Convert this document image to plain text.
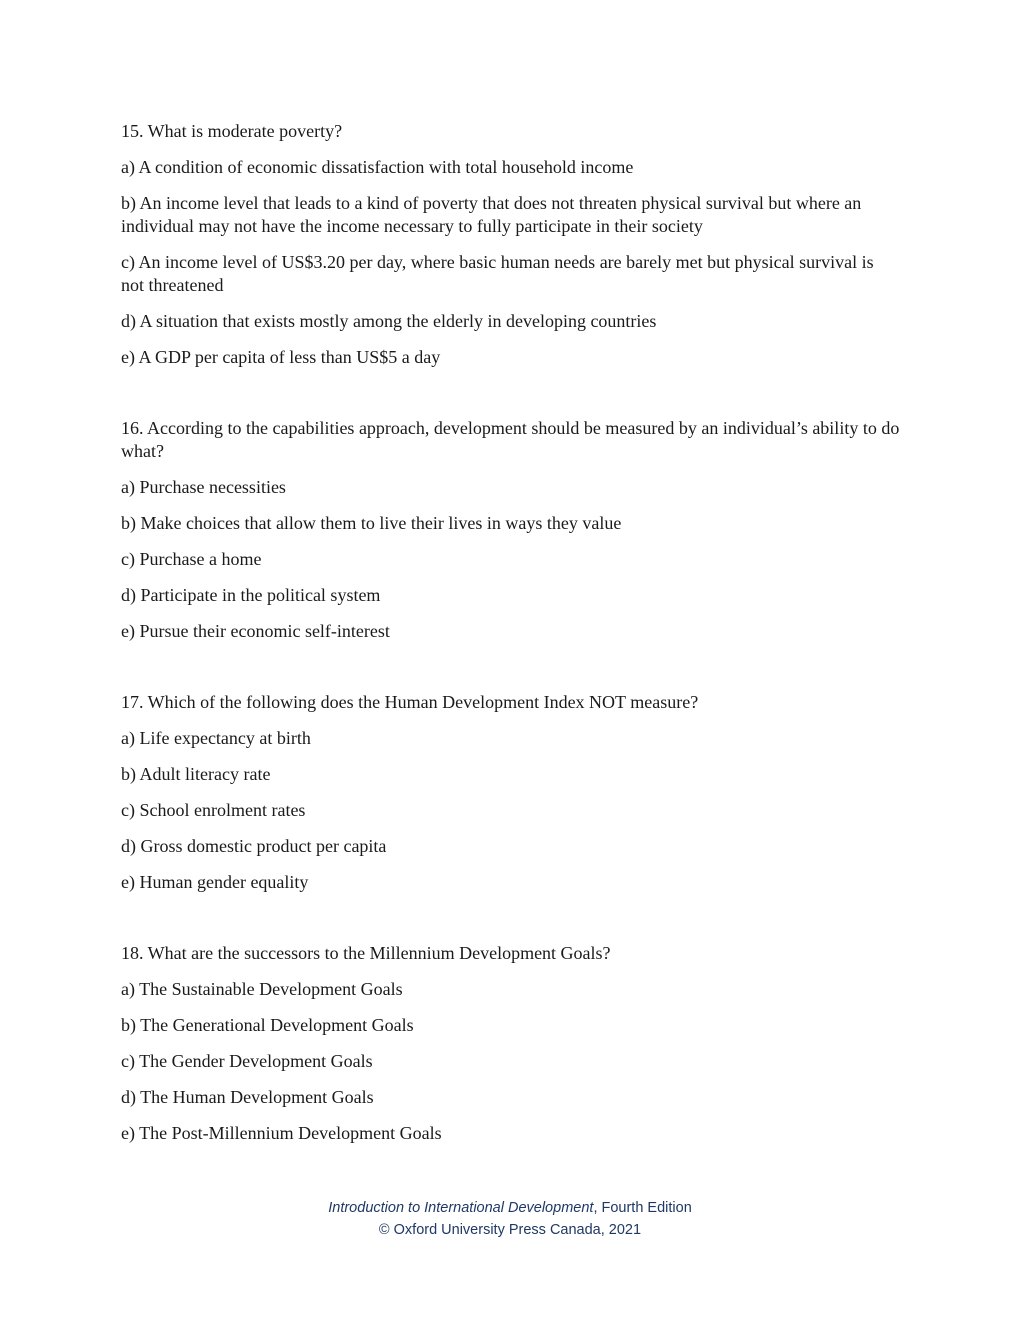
15. What is moderate poverty?

a) A condition of economic dissatisfaction with total household income

b) An income level that leads to a kind of poverty that does not threaten physical survival but where an individual may not have the income necessary to fully participate in their society

c) An income level of US$3.20 per day, where basic human needs are barely met but physical survival is not threatened

d) A situation that exists mostly among the elderly in developing countries

e) A GDP per capita of less than US$5 a day

16. According to the capabilities approach, development should be measured by an individual’s ability to do what?

a) Purchase necessities

b) Make choices that allow them to live their lives in ways they value

c) Purchase a home

d) Participate in the political system

e) Pursue their economic self-interest

17. Which of the following does the Human Development Index NOT measure?

a) Life expectancy at birth

b) Adult literacy rate

c) School enrolment rates

d) Gross domestic product per capita

e) Human gender equality

18. What are the successors to the Millennium Development Goals?

a) The Sustainable Development Goals

b) The Generational Development Goals

c) The Gender Development Goals

d) The Human Development Goals

e) The Post-Millennium Development Goals

Introduction to International Development, Fourth Edition
© Oxford University Press Canada, 2021
